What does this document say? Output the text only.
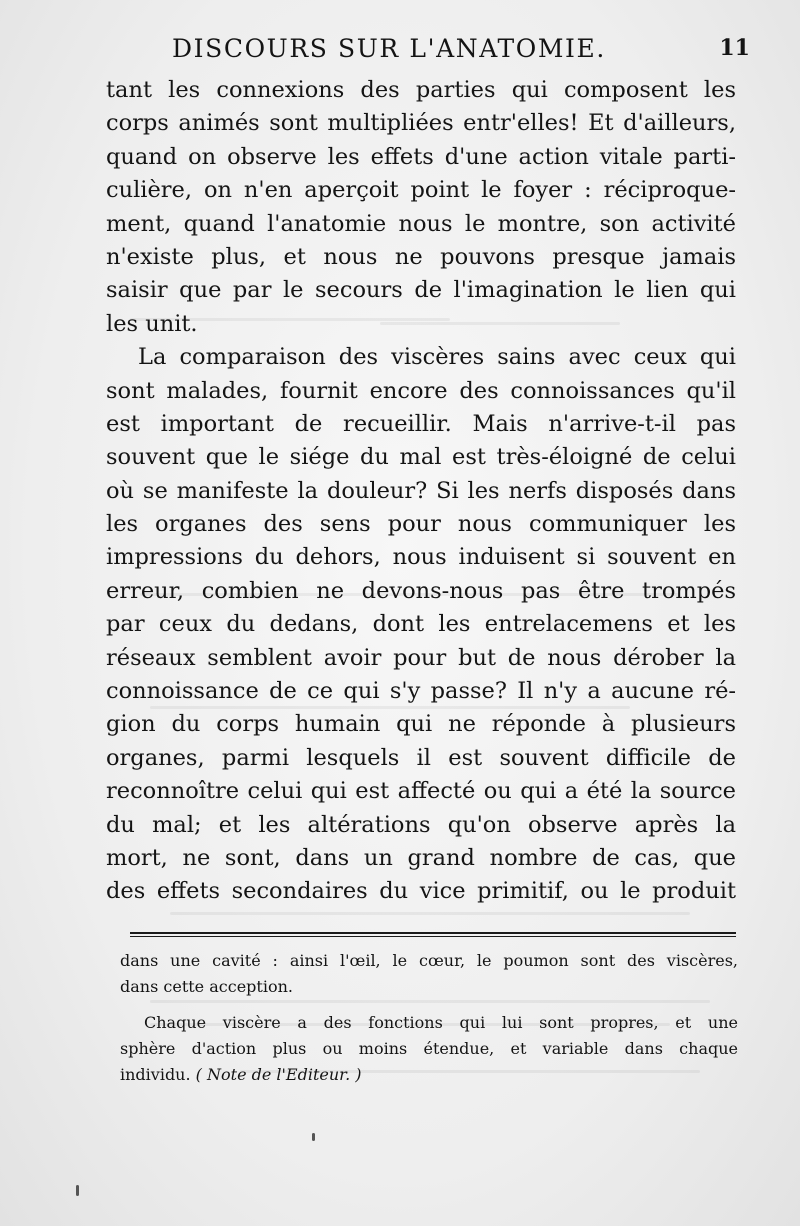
DISCOURS SUR L'ANATOMIE.	11
tant les connexions des parties qui composent les
corps animés sont multipliées entr'elles! Et d'ailleurs,
quand on observe les effets d'une action vitale parti-
culière, on n'en aperçoit point le foyer : réciproque-
ment, quand l'anatomie nous le montre, son activité
n'existe plus, et nous ne pouvons presque jamais
saisir que par le secours de l'imagination le lien qui
les unit.
La comparaison des viscères sains avec ceux qui
sont malades, fournit encore des connoissances qu'il
est important de recueillir. Mais n'arrive-t-il pas
souvent que le siége du mal est très-éloigné de celui
où se manifeste la douleur? Si les nerfs disposés dans
les organes des sens pour nous communiquer les
impressions du dehors, nous induisent si souvent en
erreur, combien ne devons-nous pas être trompés
par ceux du dedans, dont les entrelacemens et les
réseaux semblent avoir pour but de nous dérober la
connoissance de ce qui s'y passe? Il n'y a aucune ré-
gion du corps humain qui ne réponde à plusieurs
organes, parmi lesquels il est souvent difficile de
reconnoître celui qui est affecté ou qui a été la source
du mal; et les altérations qu'on observe après la
mort, ne sont, dans un grand nombre de cas, que
des effets secondaires du vice primitif, ou le produit
dans une cavité : ainsi l'œil, le cœur, le poumon sont des viscères,
dans cette acception.
Chaque viscère a des fonctions qui lui sont propres, et une
sphère d'action plus ou moins étendue, et variable dans chaque
individu. ( Note de l'Editeur. )
